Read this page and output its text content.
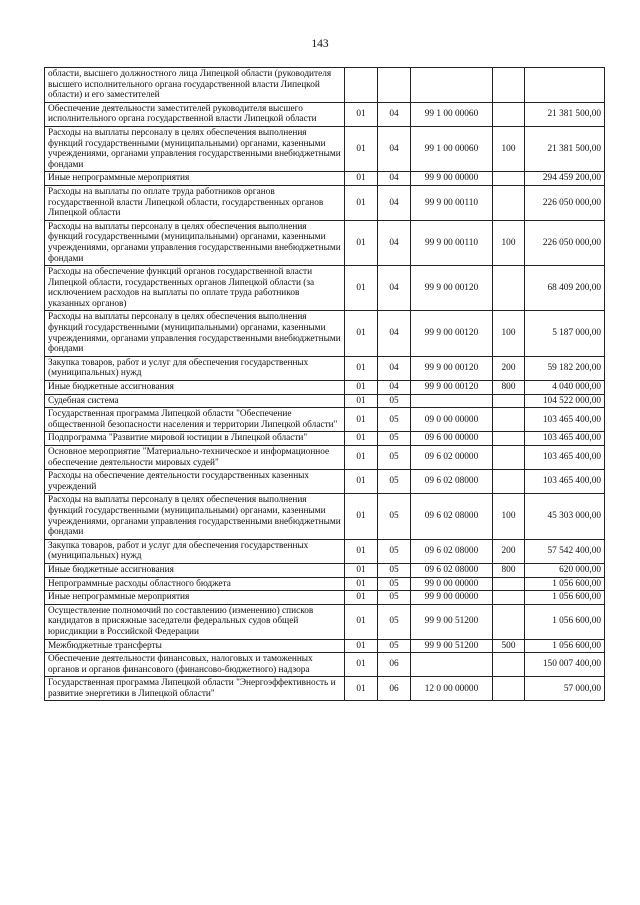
143
области, высшего должностного лица Липецкой области (руководителя высшего исполнительного органа государственной власти Липецкой области) и его заместителей					
Обеспечение деятельности заместителей руководителя высшего исполнительного органа государственной власти Липецкой области	01	04	99 1 00 00060		21 381 500,00
Расходы на выплаты персоналу в целях обеспечения выполнения функций государственными (муниципальными) органами, казенными учреждениями, органами управления государственными внебюджетными фондами	01	04	99 1 00 00060	100	21 381 500,00
Иные непрограммные мероприятия	01	04	99 9 00 00000		294 459 200,00
Расходы на выплаты по оплате труда работников органов государственной власти Липецкой области, государственных органов Липецкой области	01	04	99 9 00 00110		226 050 000,00
Расходы на выплаты персоналу в целях обеспечения выполнения функций государственными (муниципальными) органами, казенными учреждениями, органами управления государственными внебюджетными фондами	01	04	99 9 00 00110	100	226 050 000,00
Расходы на обеспечение функций органов государственной власти Липецкой области, государственных органов Липецкой области (за исключением расходов на выплаты по оплате труда работников указанных органов)	01	04	99 9 00 00120		68 409 200,00
Расходы на выплаты персоналу в целях обеспечения выполнения функций государственными (муниципальными) органами, казенными учреждениями, органами управления государственными внебюджетными фондами	01	04	99 9 00 00120	100	5 187 000,00
Закупка товаров, работ и услуг для обеспечения государственных (муниципальных) нужд	01	04	99 9 00 00120	200	59 182 200,00
Иные бюджетные ассигнования	01	04	99 9 00 00120	800	4 040 000,00
Судебная система	01	05			104 522 000,00
Государственная программа Липецкой области "Обеспечение общественной безопасности населения и территории Липецкой области"	01	05	09 0 00 00000		103 465 400,00
Подпрограмма "Развитие мировой юстиции в Липецкой области"	01	05	09 6 00 00000		103 465 400,00
Основное мероприятие "Материально-техническое и информационное обеспечение деятельности мировых судей"	01	05	09 6 02 00000		103 465 400,00
Расходы на обеспечение деятельности государственных казенных учреждений	01	05	09 6 02 08000		103 465 400,00
Расходы на выплаты персоналу в целях обеспечения выполнения функций государственными (муниципальными) органами, казенными учреждениями, органами управления государственными внебюджетными фондами	01	05	09 6 02 08000	100	45 303 000,00
Закупка товаров, работ и услуг для обеспечения государственных (муниципальных) нужд	01	05	09 6 02 08000	200	57 542 400,00
Иные бюджетные ассигнования	01	05	09 6 02 08000	800	620 000,00
Непрограммные расходы областного бюджета	01	05	99 0 00 00000		1 056 600,00
Иные непрограммные мероприятия	01	05	99 9 00 00000		1 056 600,00
Осуществление полномочий по составлению (изменению) списков кандидатов в присяжные заседатели федеральных судов общей юрисдикции в Российской Федерации	01	05	99 9 00 51200		1 056 600,00
Межбюджетные трансферты	01	05	99 9 00 51200	500	1 056 600,00
Обеспечение деятельности финансовых, налоговых и таможенных органов и органов финансового (финансово-бюджетного) надзора	01	06			150 007 400,00
Государственная программа Липецкой области "Энергоэффективность и развитие энергетики в Липецкой области"	01	06	12 0 00 00000		57 000,00
